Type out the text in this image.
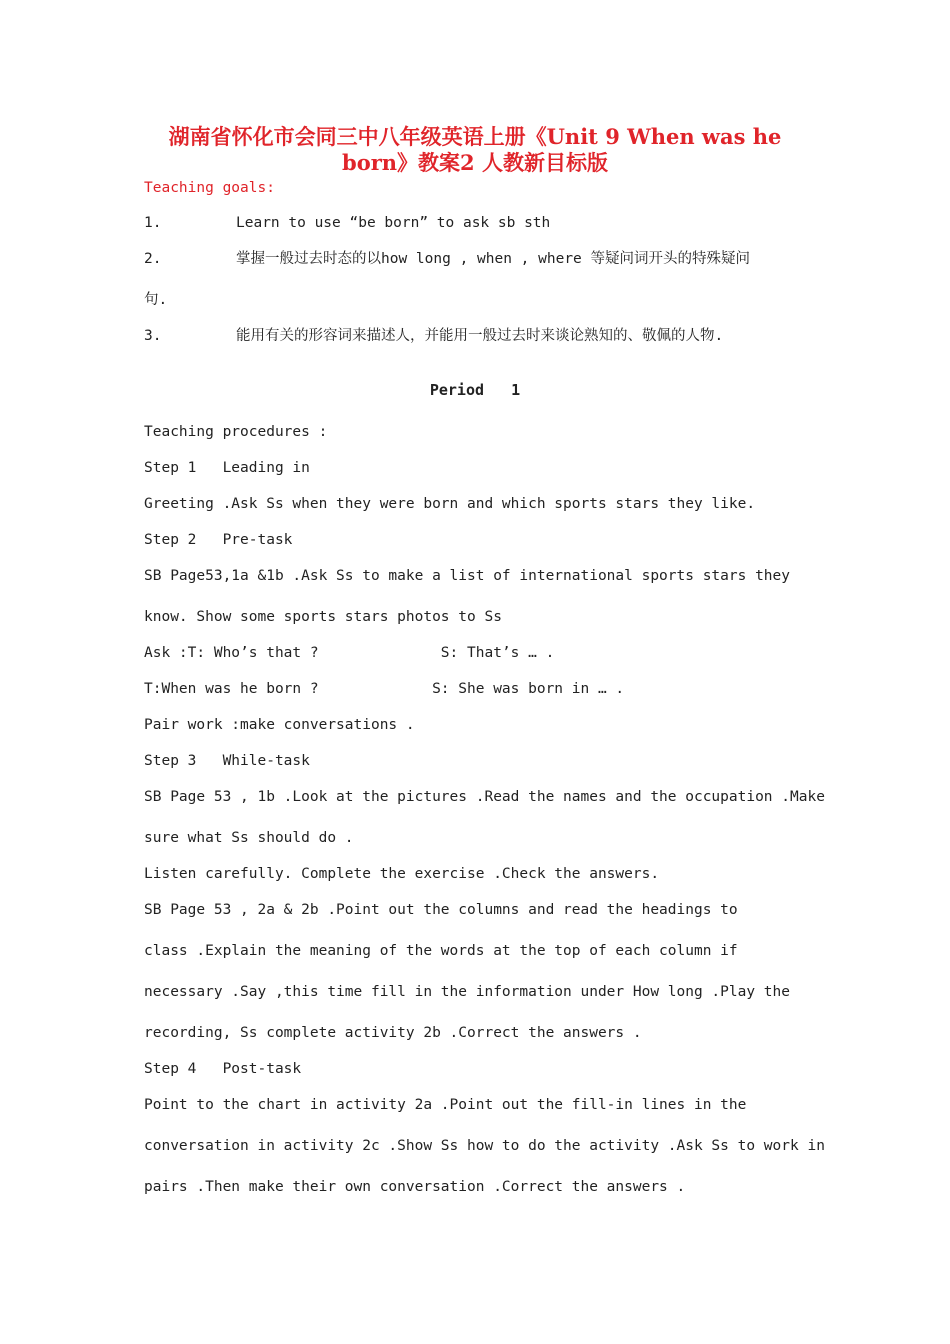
湖南省怀化市会同三中八年级英语上册《Unit 9 When was he
born》教案2 人教新目标版
Teaching goals:
1.	Learn to use “be born” to ask sb sth
2.	掌握一般过去时态的以how long , when , where 等疑问词开头的特殊疑问
句.
3.	能用有关的形容词来描述人，并能用一般过去时来谈论熟知的、敬佩的人物.
Period   1
Teaching procedures :
Step 1   Leading in
Greeting .Ask Ss when they were born and which sports stars they like.
Step 2   Pre-task
SB Page53,1a &1b .Ask Ss to make a list of international sports stars they
know. Show some sports stars photos to Ss
Ask :T: Who’s that ?              S: That’s … .
T:When was he born ?             S: She was born in … .
Pair work :make conversations .
Step 3   While-task
SB Page 53 , 1b .Look at the pictures .Read the names and the occupation .Make
sure what Ss should do .
Listen carefully. Complete the exercise .Check the answers.
SB Page 53 , 2a & 2b .Point out the columns and read the headings to
class .Explain the meaning of the words at the top of each column if
necessary .Say ,this time fill in the information under How long .Play the
recording, Ss complete activity 2b .Correct the answers .
Step 4   Post-task
Point to the chart in activity 2a .Point out the fill-in lines in the
conversation in activity 2c .Show Ss how to do the activity .Ask Ss to work in
pairs .Then make their own conversation .Correct the answers .
